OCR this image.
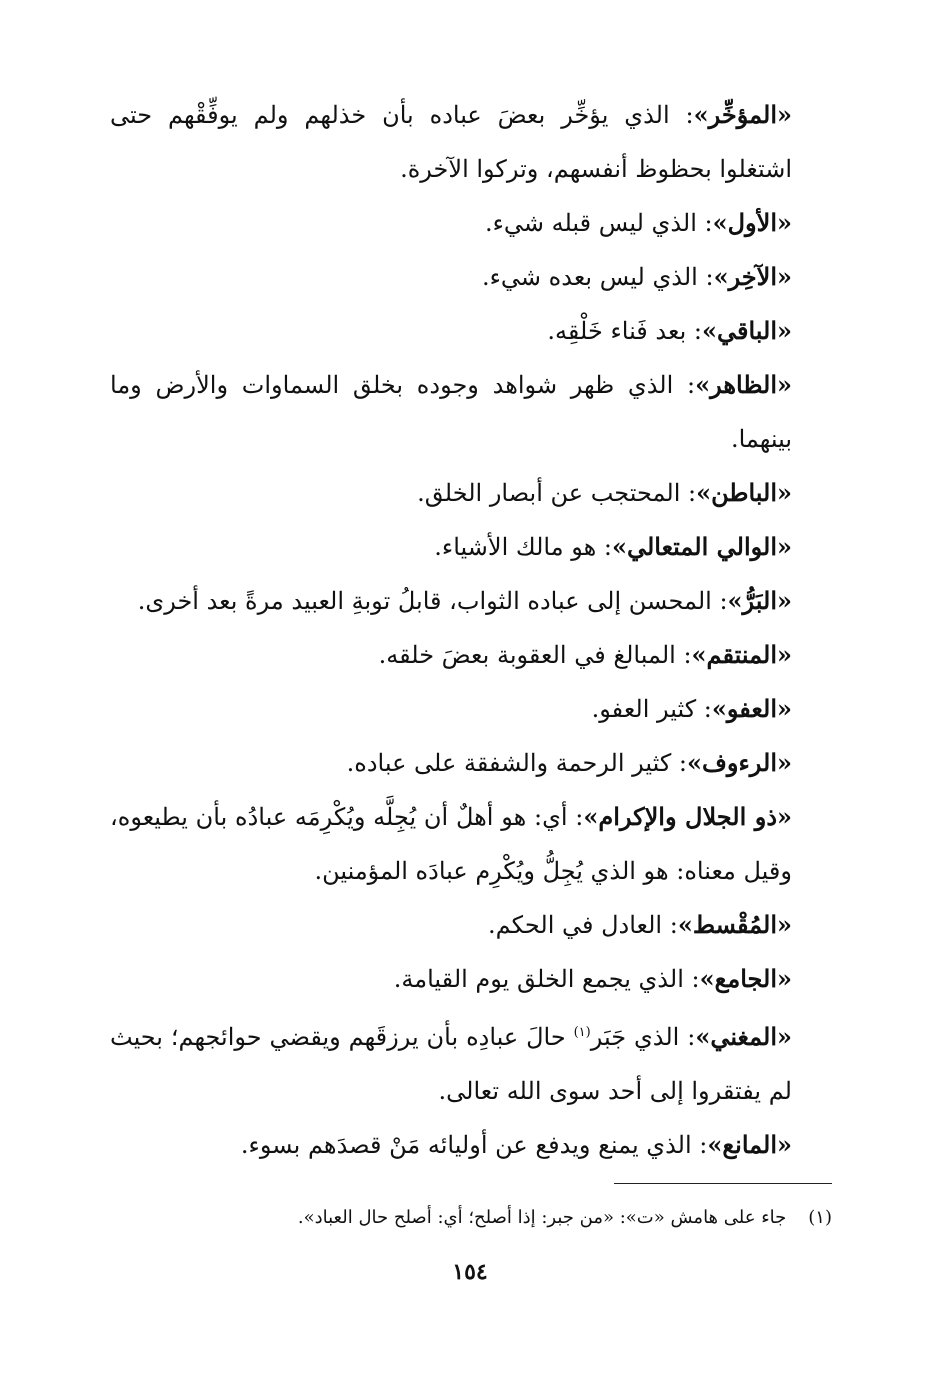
«المؤخِّر»: الذي يؤخِّر بعضَ عباده بأن خذلهم ولم يوفِّقْهم حتى اشتغلوا بحظوظ أنفسهم، وتركوا الآخرة.

«الأول»: الذي ليس قبله شيء.

«الآخِر»: الذي ليس بعده شيء.

«الباقي»: بعد فَناء خَلْقِه.

«الظاهر»: الذي ظهر شواهد وجوده بخلق السماوات والأرض وما بينهما.

«الباطن»: المحتجب عن أبصار الخلق.

«الوالي المتعالي»: هو مالك الأشياء.

«البَرُّ»: المحسن إلى عباده الثواب، قابلُ توبةِ العبيد مرةً بعد أخرى.

«المنتقم»: المبالغ في العقوبة بعضَ خلقه.

«العفو»: كثير العفو.

«الرءوف»: كثير الرحمة والشفقة على عباده.

«ذو الجلال والإكرام»: أي: هو أهلٌ أن يُجِلَّه ويُكْرِمَه عبادُه بأن يطيعوه، وقيل معناه: هو الذي يُجِلُّ ويُكْرِم عبادَه المؤمنين.

«المُقْسط»: العادل في الحكم.

«الجامع»: الذي يجمع الخلق يوم القيامة.

«المغني»: الذي جَبَر$^{(١)}$ حالَ عبادِه بأن يرزقَهم ويقضي حوائجهم؛ بحيث لم يفتقروا إلى أحد سوى الله تعالى.

«المانع»: الذي يمنع ويدفع عن أوليائه مَنْ قصدَهم بسوء.

(١)جاء على هامش «ت»: «من جبر: إذا أصلح؛ أي: أصلح حال العباد».
١٥٤
